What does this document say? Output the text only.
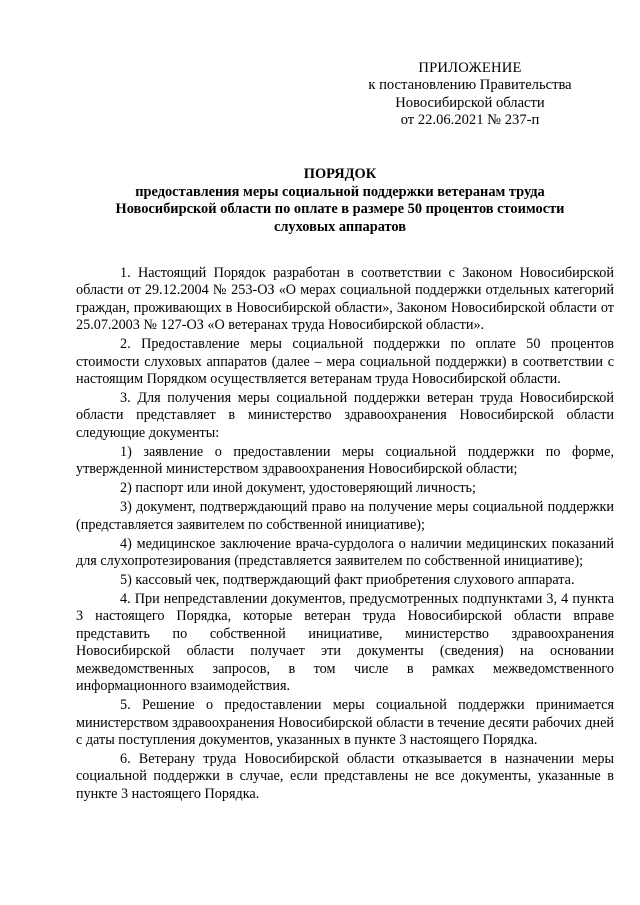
ПРИЛОЖЕНИЕ
к постановлению Правительства
Новосибирской области
от 22.06.2021 № 237-п
ПОРЯДОК
предоставления меры социальной поддержки ветеранам труда
Новосибирской области по оплате в размере 50 процентов стоимости
слуховых аппаратов

1. Настоящий Порядок разработан в соответствии с Законом Новосибирской области от 29.12.2004 № 253-ОЗ «О мерах социальной поддержки отдельных категорий граждан, проживающих в Новосибирской области», Законом Новосибирской области от 25.07.2003 № 127-ОЗ «О ветеранах труда Новосибирской области».

2. Предоставление меры социальной поддержки по оплате 50 процентов стоимости слуховых аппаратов (далее – мера социальной поддержки) в соответствии с настоящим Порядком осуществляется ветеранам труда Новосибирской области.

3. Для получения меры социальной поддержки ветеран труда Новосибирской области представляет в министерство здравоохранения Новосибирской области следующие документы:

1) заявление о предоставлении меры социальной поддержки по форме, утвержденной министерством здравоохранения Новосибирской области;

2) паспорт или иной документ, удостоверяющий личность;

3) документ, подтверждающий право на получение меры социальной поддержки (представляется заявителем по собственной инициативе);

4) медицинское заключение врача-сурдолога о наличии медицинских показаний для слухопротезирования (представляется заявителем по собственной инициативе);

5) кассовый чек, подтверждающий факт приобретения слухового аппарата.

4. При непредставлении документов, предусмотренных подпунктами 3, 4 пункта 3 настоящего Порядка, которые ветеран труда Новосибирской области вправе представить по собственной инициативе, министерство здравоохранения Новосибирской области получает эти документы (сведения) на основании межведомственных запросов, в том числе в рамках межведомственного информационного взаимодействия.

5. Решение о предоставлении меры социальной поддержки принимается министерством здравоохранения Новосибирской области в течение десяти рабочих дней с даты поступления документов, указанных в пункте 3 настоящего Порядка.

6. Ветерану труда Новосибирской области отказывается в назначении меры социальной поддержки в случае, если представлены не все документы, указанные в пункте 3 настоящего Порядка.
